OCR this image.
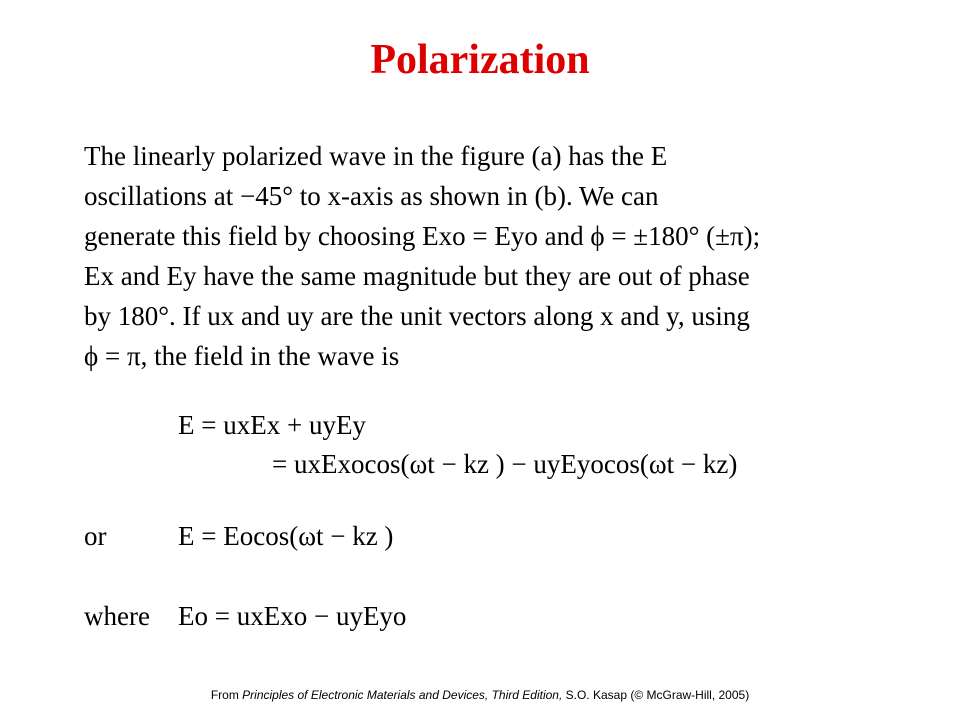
Polarization
The linearly polarized wave in the figure (a) has the E
oscillations at −45° to x-axis as shown in (b). We can
generate this field by choosing Exo = Eyo and ϕ = ±180° (±π);
Ex and Ey have the same magnitude but they are out of phase
by 180°. If ux and uy are the unit vectors along x and y, using
ϕ = π, the field in the wave is
E = uxEx + uyEy
= uxExocos(ωt − kz ) − uyEyocos(ωt − kz)
or	E = Eocos(ωt − kz )
where Eo = uxExo − uyEyo
From Principles of Electronic Materials and Devices, Third Edition, S.O. Kasap (© McGraw-Hill, 2005)
